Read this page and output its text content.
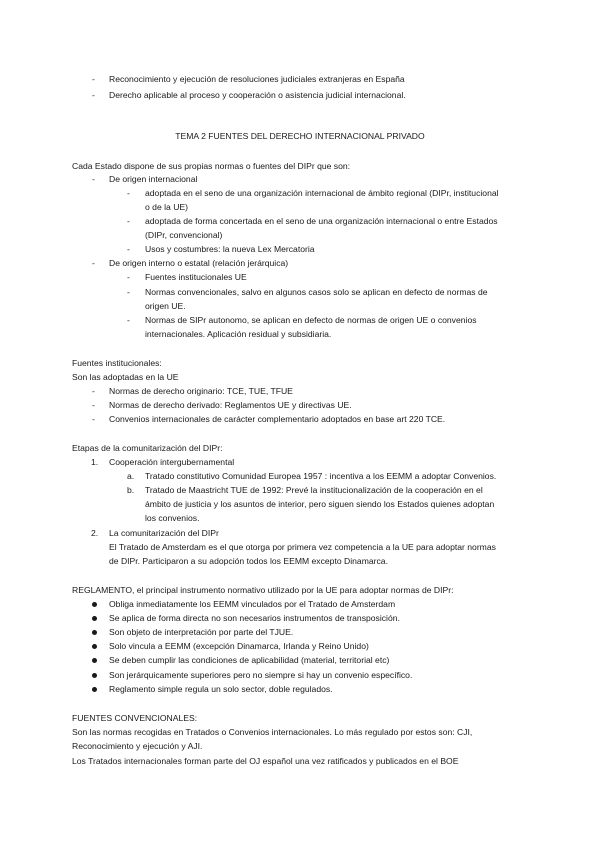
- Reconocimiento y ejecución de resoluciones judiciales extranjeras en España
- Derecho aplicable al proceso y cooperación o asistencia judicial internacional.
TEMA 2 FUENTES DEL DERECHO INTERNACIONAL PRIVADO
Cada Estado dispone de sus propias normas o fuentes del DIPr que son:
- De origen internacional
- adoptada en el seno de una organización internacional de ámbito regional (DIPr, institucional
o de la UE)
- adoptada de forma concertada en el seno de una organización internacional o entre Estados
(DIPr, convencional)
- Usos y costumbres: la nueva Lex Mercatoria
- De origen interno o estatal (relación jerárquica)
- Fuentes institucionales UE
- Normas convencionales, salvo en algunos casos solo se aplican en defecto de normas de
origen UE.
- Normas de SIPr autonomo, se aplican en defecto de normas de origen UE o convenios
internacionales. Aplicación residual y subsidiaria.
Fuentes institucionales:
Son las adoptadas en la UE
- Normas de derecho originario: TCE, TUE, TFUE
- Normas de derecho derivado: Reglamentos UE y directivas UE.
- Convenios internacionales de carácter complementario adoptados en base art 220 TCE.
Etapas de la comunitarización del DIPr:
1. Cooperación intergubernamental
a. Tratado constitutivo Comunidad Europea 1957 : incentiva a los EEMM a adoptar Convenios.
b. Tratado de Maastricht TUE de 1992: Prevé la institucionalización de la cooperación en el
ámbito de justicia y los asuntos de interior, pero siguen siendo los Estados quienes adoptan
los convenios.
2. La comunitarización del DIPr
El Tratado de Amsterdam es el que otorga por primera vez competencia a la UE para adoptar normas
de DIPr. Participaron a su adopción todos los EEMM excepto Dinamarca.
REGLAMENTO, el principal instrumento normativo utilizado por la UE para adoptar normas de DIPr:
Obliga inmediatamente los EEMM vinculados por el Tratado de Amsterdam
Se aplica de forma directa no son necesarios instrumentos de transposición.
Son objeto de interpretación por parte del TJUE.
Solo vincula a EEMM (excepción Dinamarca, Irlanda y Reino Unido)
Se deben cumplir las condiciones de aplicabilidad (material, territorial etc)
Son jerárquicamente superiores pero no siempre si hay un convenio específico.
Reglamento simple regula un solo sector, doble regulados.
FUENTES CONVENCIONALES:
Son las normas recogidas en Tratados o Convenios internacionales. Lo más regulado por estos son: CJI,
Reconocimiento y ejecución y AJI.
Los Tratados internacionales forman parte del OJ español una vez ratificados y publicados en el BOE
